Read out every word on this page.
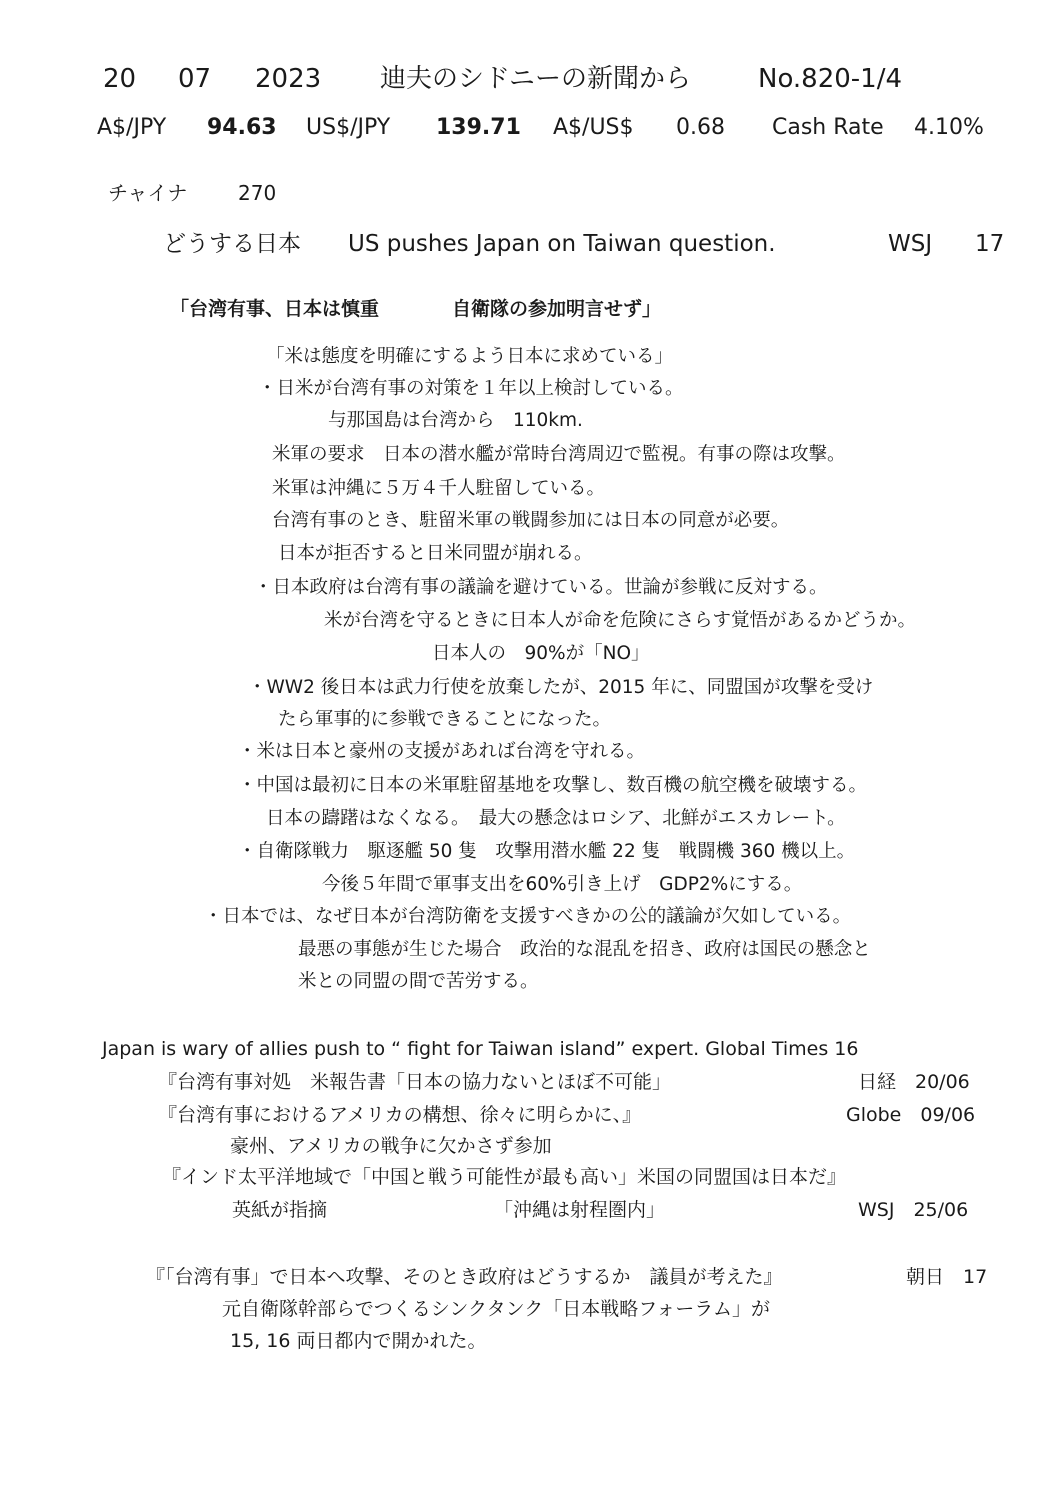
20 07 2023 迪夫のシドニーの新聞から	No.820-1/4
A$/JPY 94.63 US$/JPY 139.71 A$/US$ 0.68 Cash Rate 4.10%
チャイナ	270
どうする日本 US pushes Japan on Taiwan question.	WSJ 17
「台湾有事、日本は慎重	自衛隊の参加明言せず」
「米は態度を明確にするよう日本に求めている」
・日米が台湾有事の対策を１年以上検討している。
与那国島は台湾から　110km.
米軍の要求　日本の潜水艦が常時台湾周辺で監視。有事の際は攻撃。
米軍は沖縄に５万４千人駐留している。
台湾有事のとき、駐留米軍の戦闘参加には日本の同意が必要。
日本が拒否すると日米同盟が崩れる。
・日本政府は台湾有事の議論を避けている。世論が参戦に反対する。
米が台湾を守るときに日本人が命を危険にさらす覚悟があるかどうか。
日本人の　90%が「NO」
・WW2 後日本は武力行使を放棄したが、2015 年に、同盟国が攻撃を受け
たら軍事的に参戦できることになった。
・米は日本と豪州の支援があれば台湾を守れる。
・中国は最初に日本の米軍駐留基地を攻撃し、数百機の航空機を破壊する。
日本の躊躇はなくなる。　最大の懸念はロシア、北鮮がエスカレート。
・自衛隊戦力　駆逐艦 50 隻　攻撃用潜水艦 22 隻　戦闘機 360 機以上。
今後５年間で軍事支出を60%引き上げ　GDP2%にする。
・日本では、なぜ日本が台湾防衛を支援すべきかの公的議論が欠如している。
最悪の事態が生じた場合　政治的な混乱を招き、政府は国民の懸念と
米との同盟の間で苦労する。
Japan is wary of allies push to “ fight for Taiwan island” expert. Global Times 16
『台湾有事対処　米報告書「日本の協力ないとほぼ不可能」	日経　20/06
『台湾有事におけるアメリカの構想、徐々に明らかに、』	Globe　09/06
豪州、アメリカの戦争に欠かさず参加
『インド太平洋地域で「中国と戦う可能性が最も高い」米国の同盟国は日本だ』
英紙が指摘	「沖縄は射程圏内」	WSJ　25/06
『「台湾有事」で日本へ攻撃、そのとき政府はどうするか　議員が考えた』	朝日　17
元自衛隊幹部らでつくるシンクタンク「日本戦略フォーラム」が
15, 16 両日都内で開かれた。
